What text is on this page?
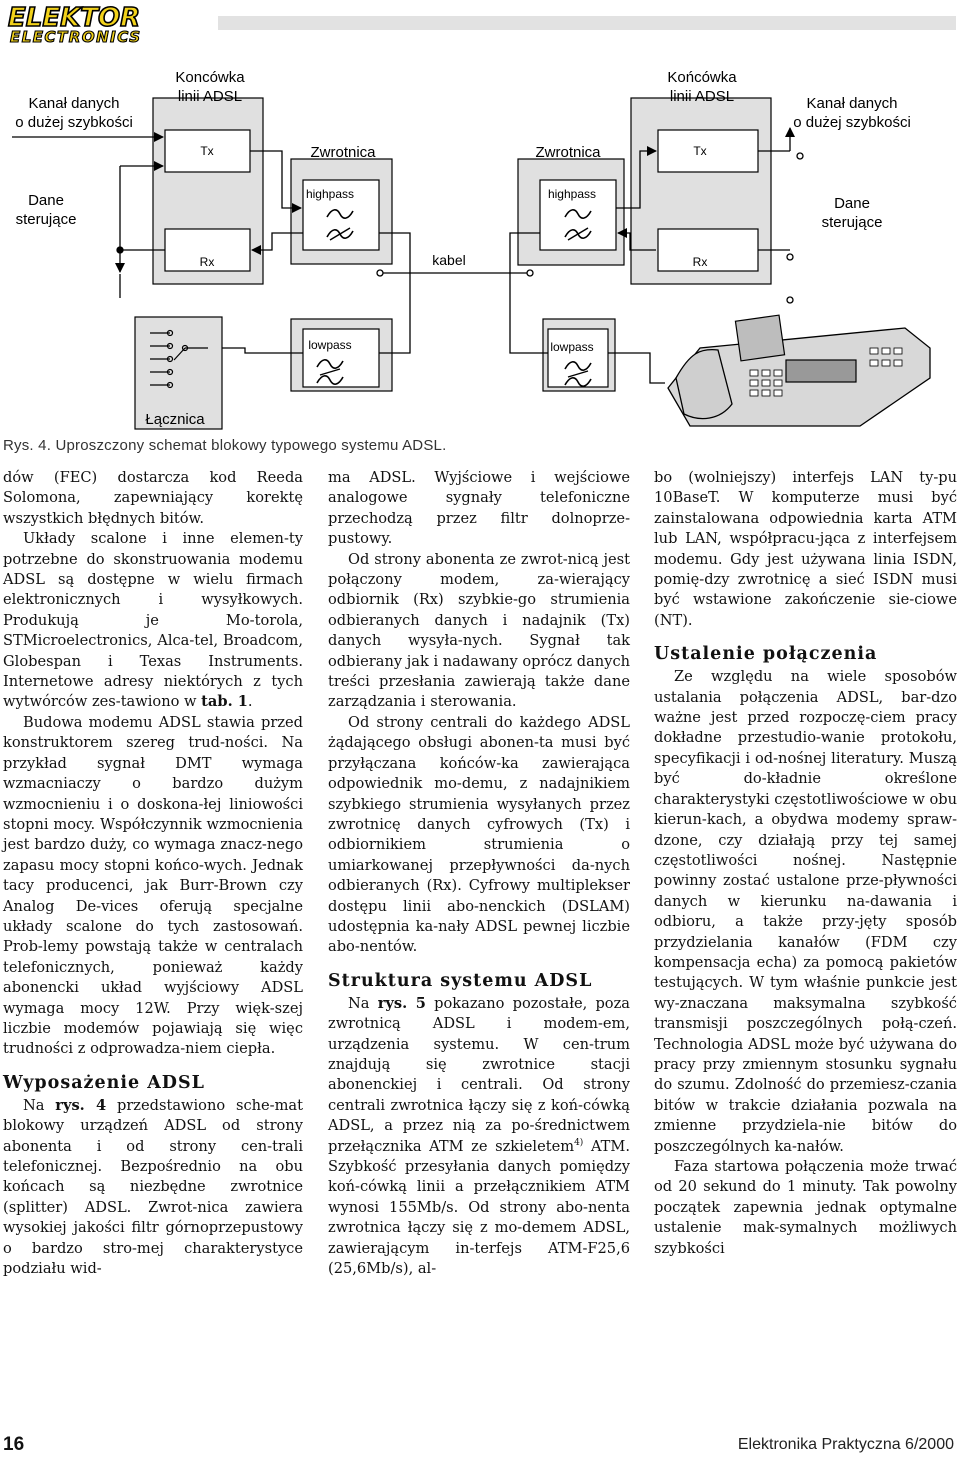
ELEKTOR
ELECTRONICS
Kanał danych
o dużej szybkości
Koncówka
linii ADSL
Końcówka
linii ADSL	Kanał danych
o dużej szybkości
Tx
Rx
Tx
Rx
Zwrotnica	Zwrotnica
Dane
sterujące
Dane
sterujące
highpass	highpass
lowpass	lowpass
kabel
Łącznica
Rys. 4. Uproszczony schemat blokowy typowego systemu ADSL.

dów (FEC) dostarcza kod Reeda Solomona, zapewniający korektę wszystkich błędnych bitów.

Układy scalone i inne elemen-ty potrzebne do skonstruowania modemu ADSL są dostępne w wielu firmach elektronicznych i wysyłkowych. Produkują je Mo-torola, STMicroelectronics, Alca-tel, Broadcom, Globespan i Texas Instruments. Internetowe adresy niektórych z tych wytwórców zes-tawiono w tab. 1.

Budowa modemu ADSL stawia przed konstruktorem szereg trud-ności. Na przykład sygnał DMT wymaga wzmacniaczy o bardzo dużym wzmocnieniu i o doskona-łej liniowości stopni mocy. Współczynnik wzmocnienia jest bardzo duży, co wymaga znacz-nego zapasu mocy stopni końco-wych. Jednak tacy producenci, jak Burr-Brown czy Analog De-vices oferują specjalne układy scalone do tych zastosowań. Prob-lemy powstają także w centralach telefonicznych, ponieważ każdy abonencki układ wyjściowy ADSL wymaga mocy 12W. Przy więk-szej liczbie modemów pojawiają się więc trudności z odprowadza-niem ciepła.

Wyposażenie ADSL

Na rys. 4 przedstawiono sche-mat blokowy urządzeń ADSL od strony abonenta i od strony cen-trali telefonicznej. Bezpośrednio na obu końcach są niezbędne zwrotnice (splitter) ADSL. Zwrot-nica zawiera wysokiej jakości filtr górnoprzepustowy o bardzo stro-mej charakterystyce podziału wid-

ma ADSL. Wyjściowe i wejściowe analogowe sygnały telefoniczne przechodzą przez filtr dolnoprze-pustowy.

Od strony abonenta ze zwrot-nicą jest połączony modem, za-wierający odbiornik (Rx) szybkie-go strumienia odbieranych danych i nadajnik (Tx) danych wysyła-nych. Sygnał tak odbierany jak i nadawany oprócz danych treści przesłania zawierają także dane zarządzania i sterowania.

Od strony centrali do każdego ADSL żądającego obsługi abonen-ta musi być przyłączana końców-ka zawierająca odpowiednik mo-demu, z nadajnikiem szybkiego strumienia wysyłanych przez zwrotnicę danych cyfrowych (Tx) i odbiornikiem strumienia o umiarkowanej przepływności da-nych odbieranych (Rx). Cyfrowy multiplekser dostępu linii abo-nenckich (DSLAM) udostępnia ka-nały ADSL pewnej liczbie abo-nentów.

Struktura systemu ADSL

Na rys. 5 pokazano pozostałe, poza zwrotnicą ADSL i modem-em, urządzenia systemu. W cen-trum znajdują się zwrotnice stacji abonenckiej i centrali. Od strony centrali zwrotnica łączy się z koń-cówką ADSL, a przez nią za po-średnictwem przełącznika ATM ze szkieletem$^{4)}$ ATM. Szybkość przesyłania danych pomiędzy koń-cówką linii a przełącznikiem ATM wynosi 155Mb/s. Od strony abo-nenta zwrotnica łączy się z mo-demem ADSL, zawierającym in-terfejs ATM-F25,6 (25,6Mb/s), al-

bo (wolniejszy) interfejs LAN ty-pu 10BaseT. W komputerze musi być zainstalowana odpowiednia karta ATM lub LAN, współpracu-jąca z interfejsem modemu. Gdy jest używana linia ISDN, pomię-dzy zwrotnicę a sieć ISDN musi być wstawione zakończenie sie-ciowe (NT).

Ustalenie połączenia

Ze względu na wiele sposobów ustalania połączenia ADSL, bar-dzo ważne jest przed rozpoczę-ciem pracy dokładne przestudio-wanie protokołu, specyfikacji i od-nośnej literatury. Muszą być do-kładnie określone charakterystyki częstotliwościowe w obu kierun-kach, a obydwa modemy spraw-dzone, czy działają przy tej samej częstotliwości nośnej. Następnie powinny zostać ustalone prze-pływności danych w kierunku na-dawania i odbioru, a także przy-jęty sposób przydzielania kanałów (FDM czy kompensacja echa) za pomocą pakietów testujących. W tym właśnie punkcie jest wy-znaczana maksymalna szybkość transmisji poszczególnych połą-czeń. Technologia ADSL może być używana do pracy przy zmiennym stosunku sygnału do szumu. Zdolność do przemiesz-czania bitów w trakcie działania pozwala na zmienne przydziela-nie bitów do poszczególnych ka-nałów.

Faza startowa połączenia może trwać od 20 sekund do 1 minuty. Tak powolny początek zapewnia jednak optymalne ustalenie mak-symalnych możliwych szybkości

16	Elektronika Praktyczna 6/2000
